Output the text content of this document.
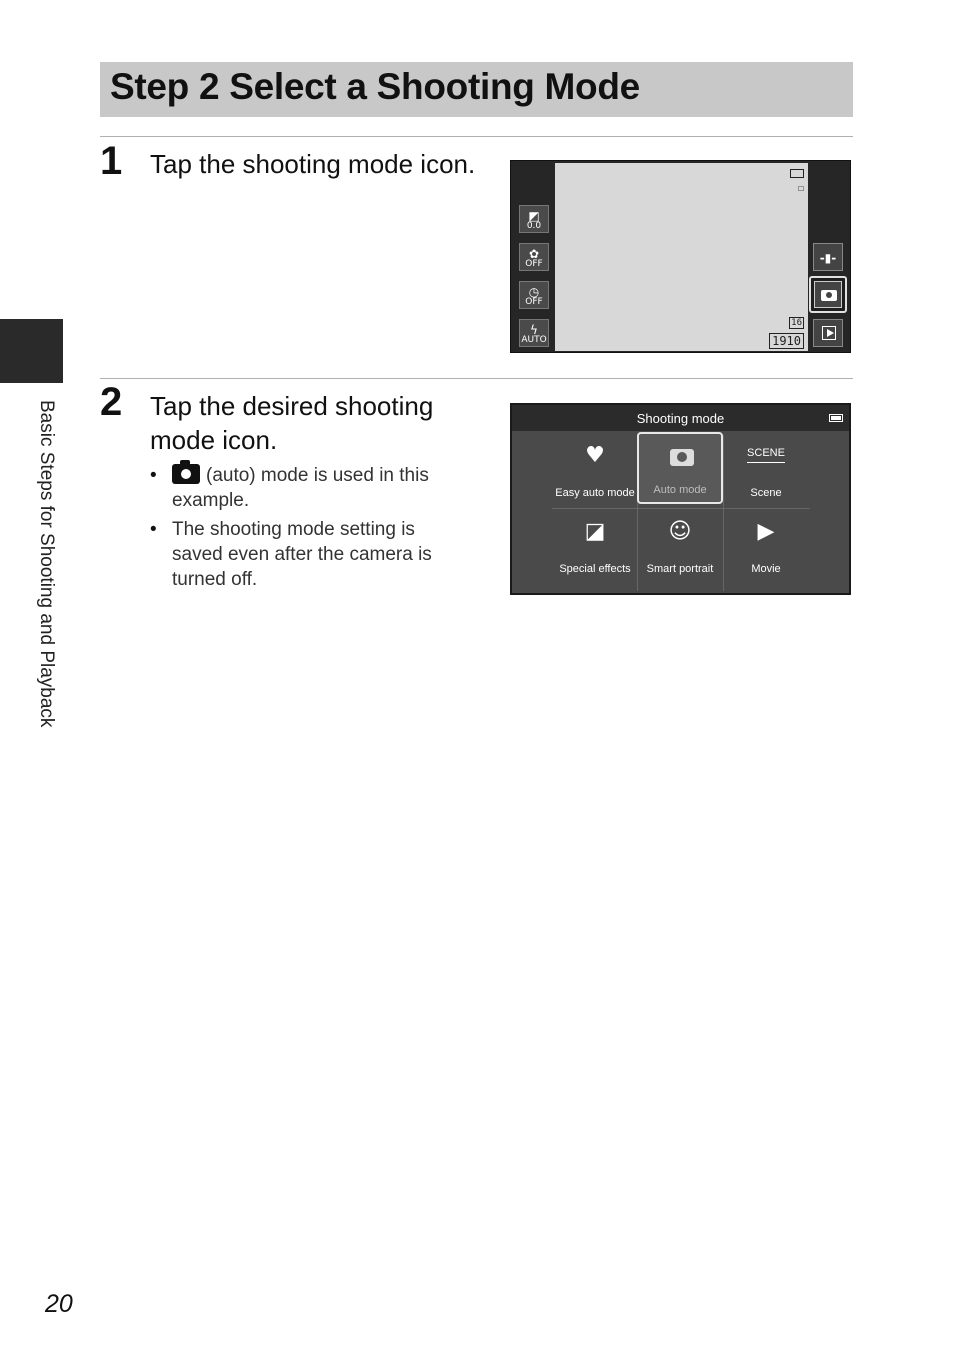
Step 2 Select a Shooting Mode
Basic Steps for Shooting and Playback
1 Tap the shooting mode icon.
☐
16
1910
◩
0.0
✿
OFF
◷
OFF
ϟ
AUTO
-▮-
2 Tap the desired shooting mode icon.
• (auto) mode is used in this example.
• The shooting mode setting is saved even after the camera is turned off.
Shooting mode
♥
Easy auto mode	Auto mode
SCENE
Scene
◪
Special effects
☺
Smart portrait
▶
Movie
20
